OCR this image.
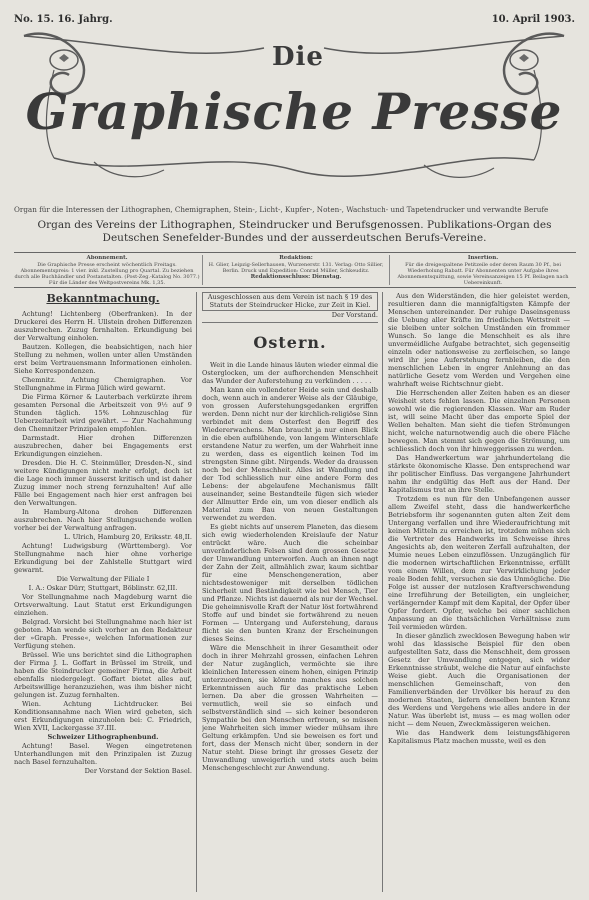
No. 15. 16. Jahrg.	10. April 1903.
Die
Graphische Presse
Organ für die Interessen der Lithographen, Chemigraphen, Stein-, Licht-, Kupfer-, Noten-, Wachstuch- und Tapetendrucker und verwandte Berufe
Organ des Vereins der Lithographen, Steindrucker und Berufsgenossen. Publikations-Organ des Deutschen Senefelder-Bundes und der ausserdeutschen Berufs-Vereine.
Abonnement.
Die Graphische Presse erscheint wöchentlich Freitags. Abonnementspreis: 1 vier. inkl. Zustellung pro Quartal. Zu beziehen durch alle Buchhändler und Postanstalten. (Post-Zeg.-Katalog No. 3077.) Für die Länder des Weltpostvereins Mk. 1,35.
Redaktion:
H. Glier, Leipzig-Sellerhausen, Wurzenerstr. 131. Verlag: Otto Sillier, Berlin. Druck und Expedition: Conrad Müller, Schkeuditz.
Redaktionsschluss: Dienstag.
Insertion.
Für die dreigespaltene Petitzeile oder deren Raum 30 Pf., bei Wiederholung Rabatt. Für Abonnenten unter Aufgabe ihres Abonnementsquittung, sowie Vereinsanzeigen 15 Pf. Beilagen nach Uebereinkunft.
Bekanntmachung.

Achtung! Lichtenberg (Oberfranken). In der Druckerei des Herrn H. Ullstein drohen Differenzen auszubrechen. Zuzug fernhalten. Erkundigung bei der Verwaltung einholen.

Bautzen. Kollegen, die beabsichtigen, nach hier Stellung zu nehmen, wollen unter allen Umständen erst beim Vertrauensmann Informationen einholen. Siehe Korrespondenzen.

Chemnitz. Achtung Chemigraphen. Vor Stellungnahme in Firma Jülich wird gewarnt.

Die Firma Körner & Lauterbach verkürzte ihrem gesamten Personal die Arbeitszeit von 9½ auf 9 Stunden täglich. 15% Lohnzuschlag für Ueberzeitarbeit wird gewährt. — Zur Nachahmung den Chemnitzer Prinzipalen empfohlen.

Darmstadt. Hier drohen Differenzen auszubrechen, daher bei Engagements erst Erkundigungen einziehen.

Dresden. Die H. C. Steinmüller, Dresden-N., sind weitere Kündigungen nicht mehr erfolgt, doch ist die Lage noch immer äusserst kritisch und ist daher Zuzug immer noch streng fernzuhalten! Auf alle Fälle bei Engagement nach hier erst anfragen bei den Verwaltungen.

In Hamburg-Altona drohen Differenzen auszubrechen. Nach hier Stellungsuchende wollen vorher bei der Verwaltung anfragen.

L. Ulrich, Hamburg 20, Eriksstr. 48,II.

Achtung! Ludwigsburg (Württemberg). Vor Stellungnahme nach hier ohne vorherige Erkundigung bei der Zahlstelle Stuttgart wird gewarnt.

Die Verwaltung der Filiale I

I. A.: Oskar Dürr, Stuttgart, Böblinstr. 62,III.

Vor Stellungnahme nach Magdeburg warnt die Ortsverwaltung. Laut Statut erst Erkundigungen einziehen.

Belgrad. Vorsicht bei Stellungnahme nach hier ist geboten. Man wende sich vorher an den Redakteur der »Graph. Presse«, welchen Informationen zur Verfügung stehen.

Brüssel. Wie uns berichtet sind die Lithographen der Firma J. L. Goffart in Brüssel im Streik, und haben die Steindrucker gemeiner Firma, die Arbeit ebenfalls niedergelegt. Goffart bietet alles auf, Arbeitswillige heranzuziehen, was ihm bisher nicht gelungen ist. Zuzug fernhalten.

Wien. Achtung Lichtdrucker. Bei Konditionsannahme nach Wien wird gebeten, sich erst Erkundigungen einzuholen bei: C. Friedrich, Wien XVII, Lackergasse 37.III.

Schweizer Lithographenbund.

Achtung! Basel. Wegen eingetretenen Unterhandlungen mit den Prinzipalen ist Zuzug nach Basel fernzuhalten.

Der Vorstand der Sektion Basel.

Ausgeschlossen aus dem Verein ist nach § 19 des Statuts der Steindrucker Hicke, zur Zeit in Kiel.

Der Vorstand.

Ostern.

Weit in die Lande hinaus läuten wieder einmal die Osterglocken, um der aufhorchenden Menschheit das Wunder der Auferstehung zu verkünden . . . . .

Man kann ein vollendeter Heide sein und deshalb doch, wenn auch in anderer Weise als der Gläubige, von grossen Auferstehungsgedanken ergriffen werden. Denn nicht nur der kirchlich-religiöse Sinn verbindet mit dem Osterfest den Begriff des Wiedererwachens. Man braucht ja nur einen Blick in die eben aufblühende, von langem Winterschlafe erstandene Natur zu werfen, um der Wahrheit inne zu werden, dass es eigentlich keinen Tod im strengsten Sinne gibt. Nirgends. Weder da draussen noch bei der Menschheit. Alles ist Wandlung und der Tod schliesslich nur eine andere Form des Lebens: der abgelaufene Mechanismus fällt auseinander, seine Bestandteile fügen sich wieder der Allmutter Erde ein, um von dieser endlich als Material zum Bau von neuen Gestaltungen verwendet zu werden.

Es giebt nichts auf unserem Planeten, das diesem sich ewig wiederholenden Kreislaufe der Natur entrückt wäre. Auch die scheinbar unveränderlichen Felsen sind dem grossen Gesetze der Umwandlung unterworfen. Auch an ihnen nagt der Zahn der Zeit, allmählich zwar, kaum sichtbar für eine Menschengeneration, aber nichtsdestoweniger mit derselben tödlichen Sicherheit und Beständigkeit wie bei Mensch, Tier und Pflanze. Nichts ist dauernd als nur der Wechsel. Die geheimnisvolle Kraft der Natur löst fortwährend Stoffe auf und bindet sie fortwährend zu neuen Formen — Untergang und Auferstehung, daraus flicht sie den bunten Kranz der Erscheinungen dieses Seins.

Wäre die Menschheit in ihrer Gesamtheit oder doch in ihrer Mehrzahl grossen, einfachen Lehren der Natur zugänglich, vermöchte sie ihre kleinlichen Interessen einem hohen, einigen Prinzip unterzuordnen, sie könnte manches aus solchen Erkenntnissen auch für das praktische Leben lernen. Da aber die grossen Wahrheiten — vermutlich, weil sie so einfach und selbstverständlich sind — sich keiner besonderen Sympathie bei den Menschen erfreuen, so müssen jene Wahrheiten sich immer wieder mühsam ihre Geltung erkämpfen. Und sie beweisen es fort und fort, dass der Mensch nicht über, sondern in der Natur steht. Diese bringt ihr grosses Gesetz der Umwandlung unweigerlich und stets auch beim Menschengeschlecht zur Anwendung.

Aus den Widerständen, die hier geleistet werden, resultieren dann die mannigfaltigsten Kämpfe der Menschen untereinander. Der ruhige Daseinsgenuss die Uebung aller Kräfte im friedlichen Wettstreit — sie bleiben unter solchen Umständen ein frommer Wunsch. So lange die Menschheit es als ihre unverméidliche Aufgabe betrachtet, sich gegenseitig einzeln oder nationsweise zu zerfleischen, so lange wird ihr jene Auferstehung fernbleiben, die den menschlichen Leben in engrer Anlehnung an das natürliche Gesetz vom Werden und Vergehen eine wahrhaft weise Richtschnur giebt.

Die Herrschenden aller Zeiten haben es an dieser Weisheit stets fehlen lassen. Die einzelnen Personen sowohl wie die regierenden Klassen. War am Ruder ist, will seine Macht über das emporte Spiel der Wellen behalten. Man sieht die tiefen Strömungen nicht, welche naturnotwendig auch die obere Fläche bewegen. Man stemmt sich gegen die Strömung, um schliesslich doch von ihr hinweggerissen zu werden.

Das Handwerkertum war jahrhundertelang die stärkste ökonomische Klasse. Den entsprechend war ihr politischer Einfluss. Das vergangene Jahrhundert nahm ihr endgültig das Heft aus der Hand. Der Kapitalismus trat an ihre Stelle.

Trotzdem es nun für den Unbefangenen ausser allem Zweifel steht, dass die handwerkerfiche Betriebsform ihr sogenannten guten alten Zeit dem Untergang verfallen und ihre Wiederaufrichtung mit keinen Mitteln zu erreichen ist, trotzdem mühen sich die Vertreter des Handwerks im Schweisse ihres Angesichts ab, den weiteren Zerfall aufzuhalten, der Mumie neues Leben einzuflössen. Unzugänglich für die modernen wirtschaftlichen Erkenntnisse, erfüllt vom einem Willen, dem zur Verwirklichung jeder reale Boden fehlt, versuchen sie das Unmögliche. Die Folge ist ausser der nutzlosen Kraftverschwendung eine Irreführung der Beteiligten, ein ungleicher, verlängernder Kampf mit dem Kapital, der Opfer über Opfer fordert. Opfer, welche bei einer sachlichen Anpassung an die thatsächlichen Verhältnisse zum Teil vermieden würden.

In dieser gänzlich zwecklosen Bewegung haben wir wohl das klassische Beispiel für den oben aufgestellten Satz, dass die Menschheit, dem grossen Gesetz der Umwandlung entgegen, sich wider Erkenntnisse sträubt, welche die Natur auf einfachste Weise giebt. Auch die Organisationen der menschlichen Gemeinschaft, von den Familienverbänden der Urvölker bis herauf zu den modernen Staaten, liefern denselben bunten Kranz des Werdens und Vergehens wie alles andere in der Natur. Was überlebt ist, muss — es mag wollen oder nicht — dem Neuen, Zweckmässigeren weichen.

Wie das Handwerk dem leistungsfähigeren Kapitalismus Platz machen musste, weil es den
